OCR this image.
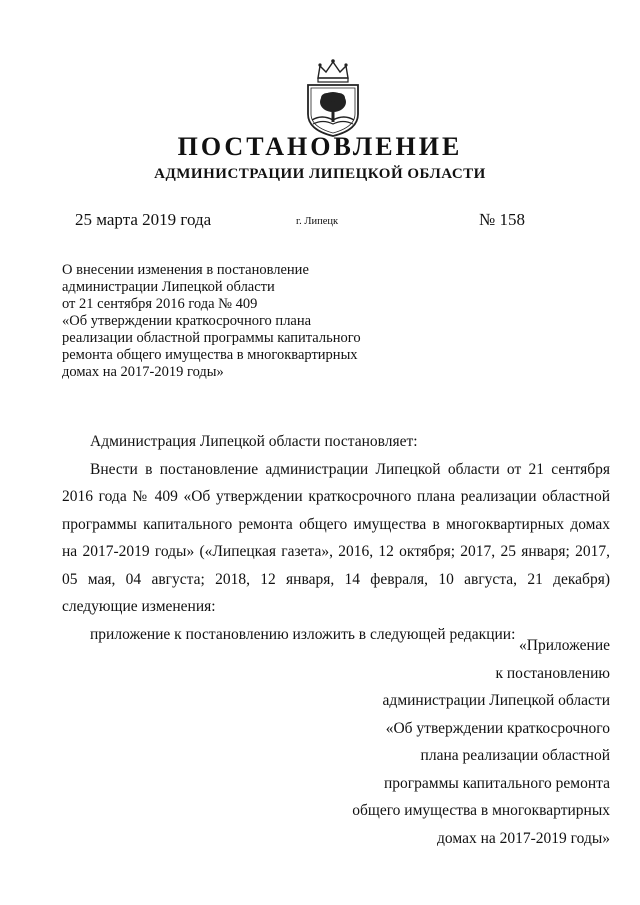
ПОСТАНОВЛЕНИЕ
АДМИНИСТРАЦИИ ЛИПЕЦКОЙ ОБЛАСТИ
25 марта 2019 года	г. Липецк	№ 158
О внесении изменения в постановление
администрации Липецкой области
от 21 сентября 2016 года № 409
«Об утверждении краткосрочного плана
реализации областной программы капитального
ремонта общего имущества в многоквартирных
домах на 2017-2019 годы»

Администрация Липецкой области постановляет:

Внести в постановление администрации Липецкой области от 21 сентября 2016 года № 409 «Об утверждении краткосрочного плана реализации областной программы капитального ремонта общего имущества в многоквартирных домах на 2017-2019 годы» («Липецкая газета», 2016, 12 октября; 2017, 25 января; 2017, 05 мая, 04 августа; 2018, 12 января, 14 февраля, 10 августа, 21 декабря) следующие изменения:

приложение к постановлению изложить в следующей редакции:

«Приложение
к постановлению
администрации Липецкой области
«Об утверждении краткосрочного
плана реализации областной
программы капитального ремонта
общего имущества в многоквартирных
домах на 2017-2019 годы»
